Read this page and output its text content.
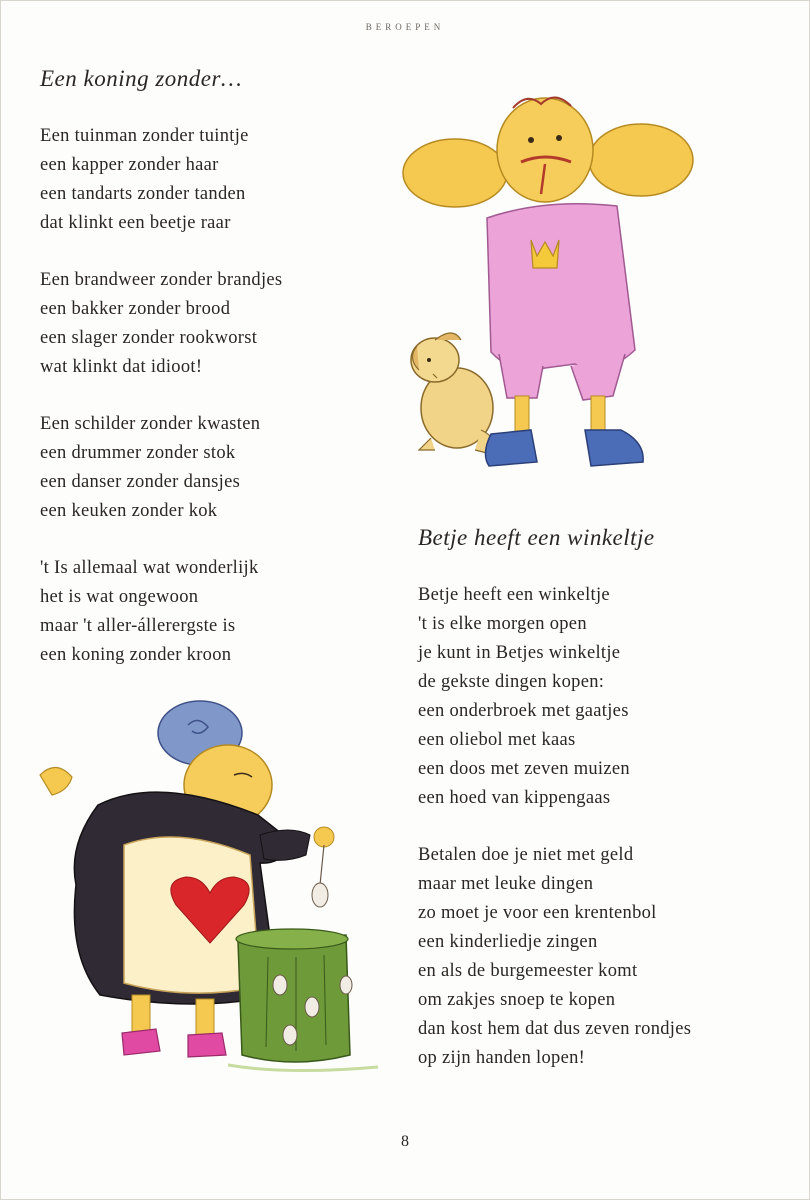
BEROEPEN
Een koning zonder…
Een tuinman zonder tuintje
een kapper zonder haar
een tandarts zonder tanden
dat klinkt een beetje raar
Een brandweer zonder brandjes
een bakker zonder brood
een slager zonder rookworst
wat klinkt dat idioot!
Een schilder zonder kwasten
een drummer zonder stok
een danser zonder dansjes
een keuken zonder kok
't Is allemaal wat wonderlijk
het is wat ongewoon
maar 't aller-állerergste is
een koning zonder kroon
Betje heeft een winkeltje
Betje heeft een winkeltje
't is elke morgen open
je kunt in Betjes winkeltje
de gekste dingen kopen:
een onderbroek met gaatjes
een oliebol met kaas
een doos met zeven muizen
een hoed van kippengaas
Betalen doe je niet met geld
maar met leuke dingen
zo moet je voor een krentenbol
een kinderliedje zingen
en als de burgemeester komt
om zakjes snoep te kopen
dan kost hem dat dus zeven rondjes
op zijn handen lopen!
8
